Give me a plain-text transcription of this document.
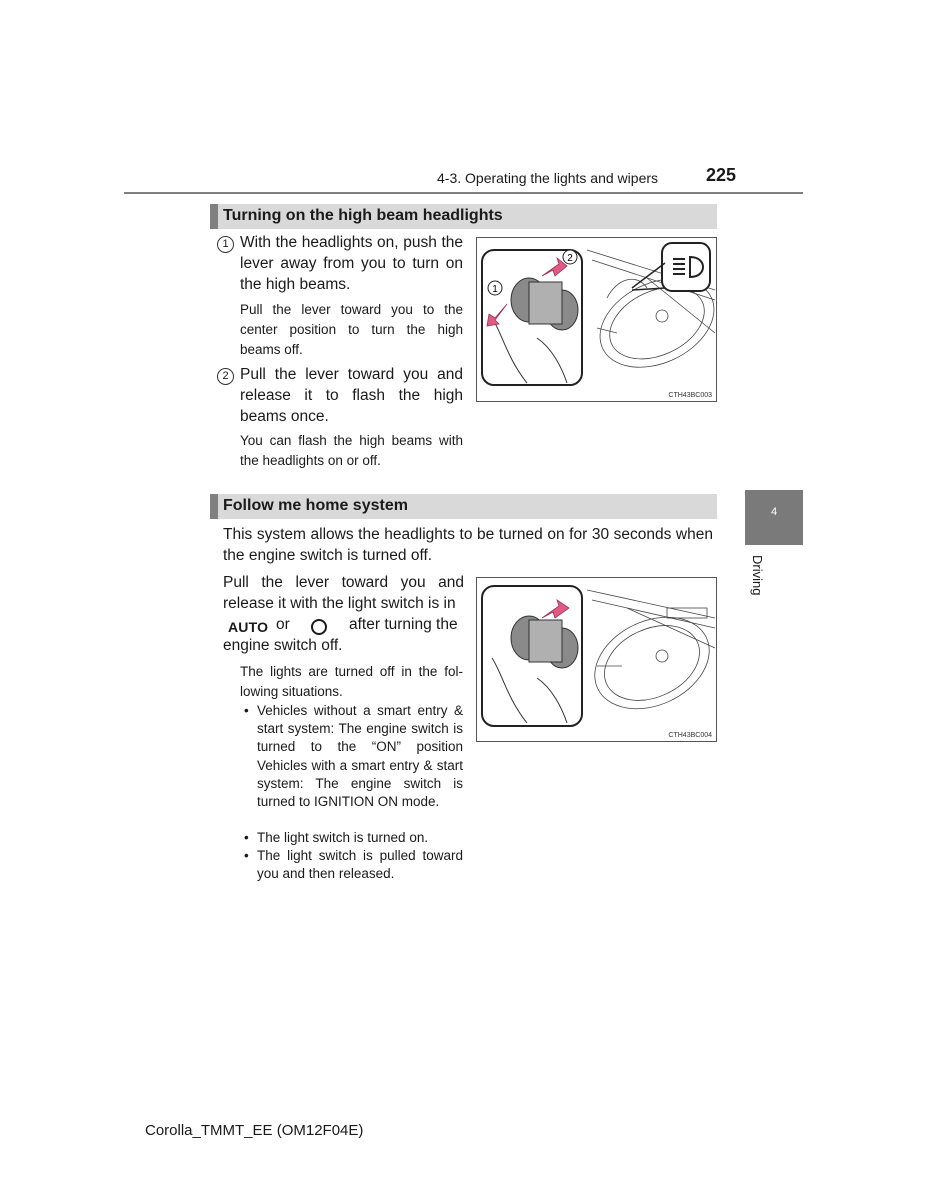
4-3. Operating the lights and wipers	225
4
Driving
Turning on the high beam headlights
1 With the headlights on, push the lever away from you to turn on the high beams.
Pull the lever toward you to the center position to turn the high beams off.
2 Pull the lever toward you and release it to flash the high beams once.
You can flash the high beams with the headlights on or off.
2
1
CTH43BC003
Follow me home system
This system allows the headlights to be turned on for 30 seconds when the engine switch is turned off.
Pull the lever toward you and release it with the light switch is in
AUTO or	after turning the
engine switch off.
The lights are turned off in the fol-lowing situations.
• Vehicles without a smart entry & start system: The engine switch is turned to the “ON” position Vehicles with a smart entry & start system: The engine switch is turned to IGNITION ON mode.
• The light switch is turned on.
• The light switch is pulled toward you and then released.
CTH43BC004
Corolla_TMMT_EE (OM12F04E)
